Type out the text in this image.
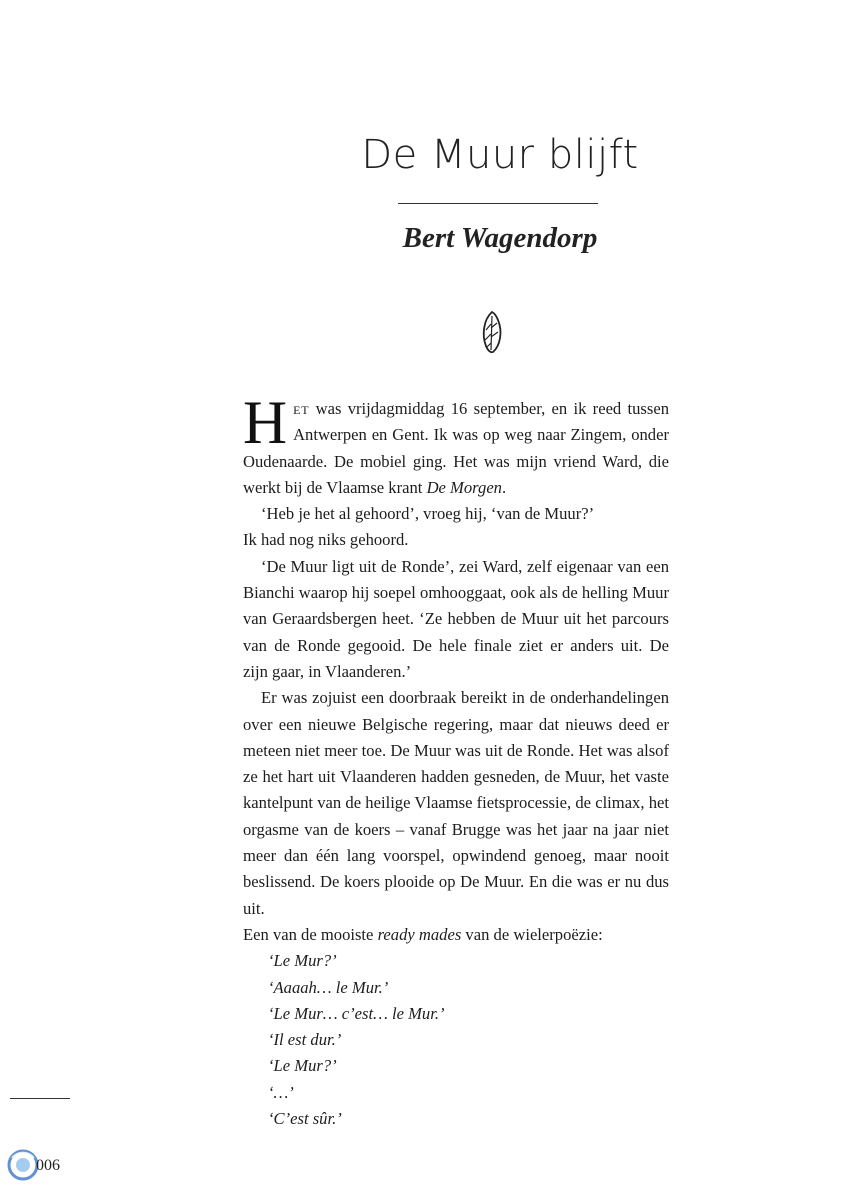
De Muur blijft
Bert Wagendorp
H et was vrijdagmiddag 16 september, en ik reed tussen
Antwerpen en Gent. Ik was op weg naar Zingem, onder
Oudenaarde. De mobiel ging. Het was mijn vriend Ward, die
werkt bij de Vlaamse krant De Morgen.
‘Heb je het al gehoord’, vroeg hij, ‘van de Muur?’
Ik had nog niks gehoord.
‘De Muur ligt uit de Ronde’, zei Ward, zelf eigenaar van een
Bianchi waarop hij soepel omhooggaat, ook als de helling Muur
van Geraardsbergen heet. ‘Ze hebben de Muur uit het parcours
van de Ronde gegooid. De hele finale ziet er anders uit. De
zijn gaar, in Vlaanderen.’
Er was zojuist een doorbraak bereikt in de onderhandelingen
over een nieuwe Belgische regering, maar dat nieuws deed er
meteen niet meer toe. De Muur was uit de Ronde. Het was alsof
ze het hart uit Vlaanderen hadden gesneden, de Muur, het vaste
kantelpunt van de heilige Vlaamse fietsprocessie, de climax, het
orgasme van de koers – vanaf Brugge was het jaar na jaar niet
meer dan één lang voorspel, opwindend genoeg, maar nooit
beslissend. De koers plooide op De Muur. En die was er nu dus
uit.
Een van de mooiste ready mades van de wielerpoëzie:
‘Le Mur?’
‘Aaaah… le Mur.’
‘Le Mur… c’est… le Mur.’
‘Il est dur.’
‘Le Mur?’
‘…’
‘C’est sûr.’
006
